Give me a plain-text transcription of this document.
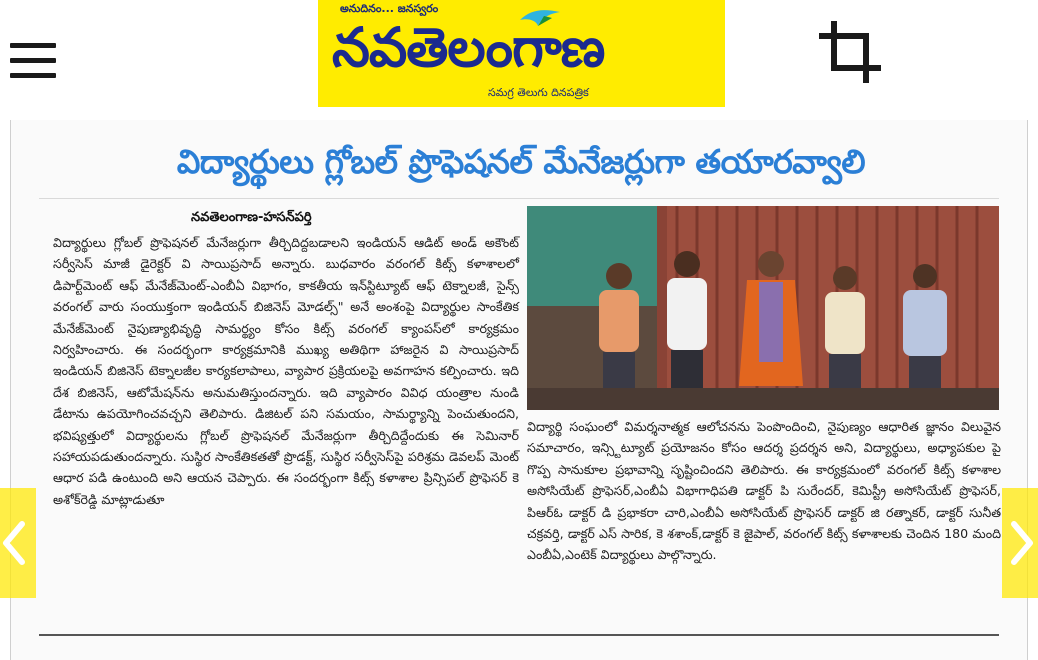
అనుదినం... జనస్వరం
నవతెలంగాణ
సమగ్ర తెలుగు దినపత్రిక
విద్యార్థులు గ్లోబల్ ప్రొఫెషనల్ మేనేజర్లుగా తయారవ్వాలి
నవతెలంగాణ-హసన్‌పర్తి
విద్యార్థులు గ్లోబల్ ప్రొఫెషనల్ మేనేజర్లుగా తీర్చిదిద్దబడాలని ఇండియన్ ఆడిట్ అండ్ అకౌంట్ సర్వీసెస్ మాజీ డైరెక్టర్ వి సాయిప్రసాద్ అన్నారు. బుధవారం వరంగల్ కిట్స్ కళాశాలలో డిపార్ట్‌మెంట్ ఆఫ్ మేనేజ్‌మెంట్-ఎంబీఏ విభాగం, కాకతీయ ఇన్‌స్టిట్యూట్ ఆఫ్ టెక్నాలజీ, సైన్స్ వరంగల్ వారు సంయుక్తంగా ఇండియన్ బిజినెస్ మోడల్స్" అనే అంశంపై విద్యార్థుల సాంకేతిక మేనేజ్‌మెంట్ నైపుణ్యాభివృద్ధి సామర్థ్యం కోసం కిట్స్ వరంగల్ క్యాంపస్‌లో కార్యక్రమం నిర్వహించారు. ఈ సందర్భంగా కార్యక్రమానికి ముఖ్య అతిథిగా హాజరైన వి సాయిప్రసాద్ ఇండియన్ బిజినెస్ టెక్నాలజీల కార్యకలాపాలు, వ్యాపార ప్రక్రియలపై అవగాహన కల్పించారు. ఇది దేశ బిజినెస్, ఆటోమేషన్‌ను అనుమతిస్తుందన్నారు. ఇది వ్యాపారం వివిధ యంత్రాల నుండి డేటాను ఉపయోగించవచ్చని తెలిపారు. డిజిటల్ పని సమయం, సామర్థ్యాన్ని పెంచుతుందని, భవిష్యత్తులో విద్యార్థులను గ్లోబల్ ప్రొఫెషనల్ మేనేజర్లుగా తీర్చిదిద్దేందుకు ఈ సెమినార్ సహాయపడుతుందన్నారు. సుస్థిర సాంకేతికతతో ప్రొడక్ట్, సుస్థిర సర్వీసెస్‌పై పరిశ్రమ డెవలప్ మెంట్ ఆధార పడి ఉంటుంది అని ఆయన చెప్పారు. ఈ సందర్భంగా కిట్స్ కళాశాల ప్రిన్సిపల్ ప్రొఫెసర్ కె అశోక్‌రెడ్డి మాట్లాడుతూ
విద్యార్థి సంఘంలో విమర్శనాత్మక ఆలోచనను పెంపొందించి, నైపుణ్యం ఆధారిత జ్ఞానం విలువైన సమాచారం, ఇన్స్టిట్యూట్ ప్రయోజనం కోసం ఆదర్శ ప్రదర్శన అని, విద్యార్థులు, అధ్యాపకుల పై గొప్ప సానుకూల ప్రభావాన్ని సృష్టించిందని తెలిపారు. ఈ కార్యక్రమంలో వరంగల్ కిట్స్ కళాశాల అసోసియేట్ ప్రొఫెసర్,ఎంబీఏ విభాగాధిపతి డాక్టర్ పి సురేందర్, కెమిస్ట్రీ అసోసియేట్ ప్రొఫెసర్, పిఆర్ఓ డాక్టర్ డి ప్రభాకరా చారి,ఎంబీఏ అసోసియేట్ ప్రొఫెసర్ డాక్టర్ జి రత్నాకర్, డాక్టర్ సునీత చక్రవర్తి, డాక్టర్ ఎస్ సారిక, కె శశాంక్,డాక్టర్ కె జైపాల్, వరంగల్ కిట్స్ కళాశాలకు చెందిన 180 మంది ఎంబీఏ,ఎంటెక్ విద్యార్థులు పాల్గొన్నారు.
